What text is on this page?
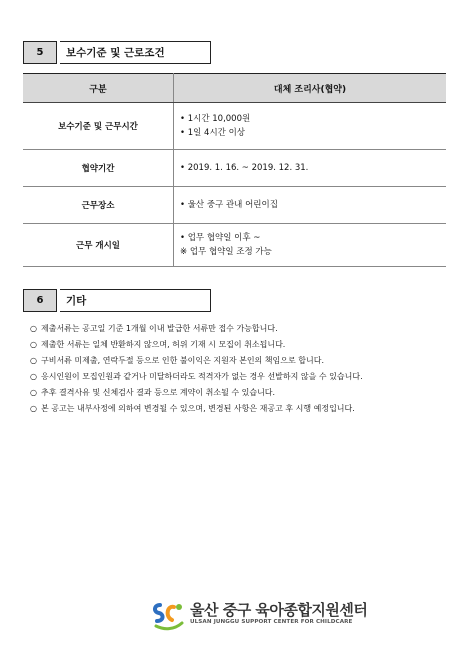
5	보수기준 및 근로조건
구분	대체 조리사(협약)
보수기준 및 근무시간	• 1시간 10,000원
• 1일 4시간 이상

협약기간	• 2019. 1. 16. ~ 2019. 12. 31.

근무장소	• 울산 중구 관내 어린이집

근무 개시일	• 업무 협약일 이후 ~
※ 업무 협약일 조정 가능
6	기타
○ 제출서류는 공고일 기준 1개월 이내 발급한 서류만 접수 가능합니다.
○ 제출한 서류는 일체 반환하지 않으며, 허위 기재 시 모집이 취소됩니다.
○ 구비서류 미제출, 연락두절 등으로 인한 불이익은 지원자 본인의 책임으로 합니다.
○ 응시인원이 모집인원과 같거나 미달하더라도 적격자가 없는 경우 선발하지 않을 수 있습니다.
○ 추후 결격사유 및 신체검사 결과 등으로 계약이 취소될 수 있습니다.
○ 본 공고는 내부사정에 의하여 변경될 수 있으며, 변경된 사항은 재공고 후 시행 예정입니다.
울산 중구 육아종합지원센터
ULSAN JUNGGU SUPPORT CENTER FOR CHILDCARE
